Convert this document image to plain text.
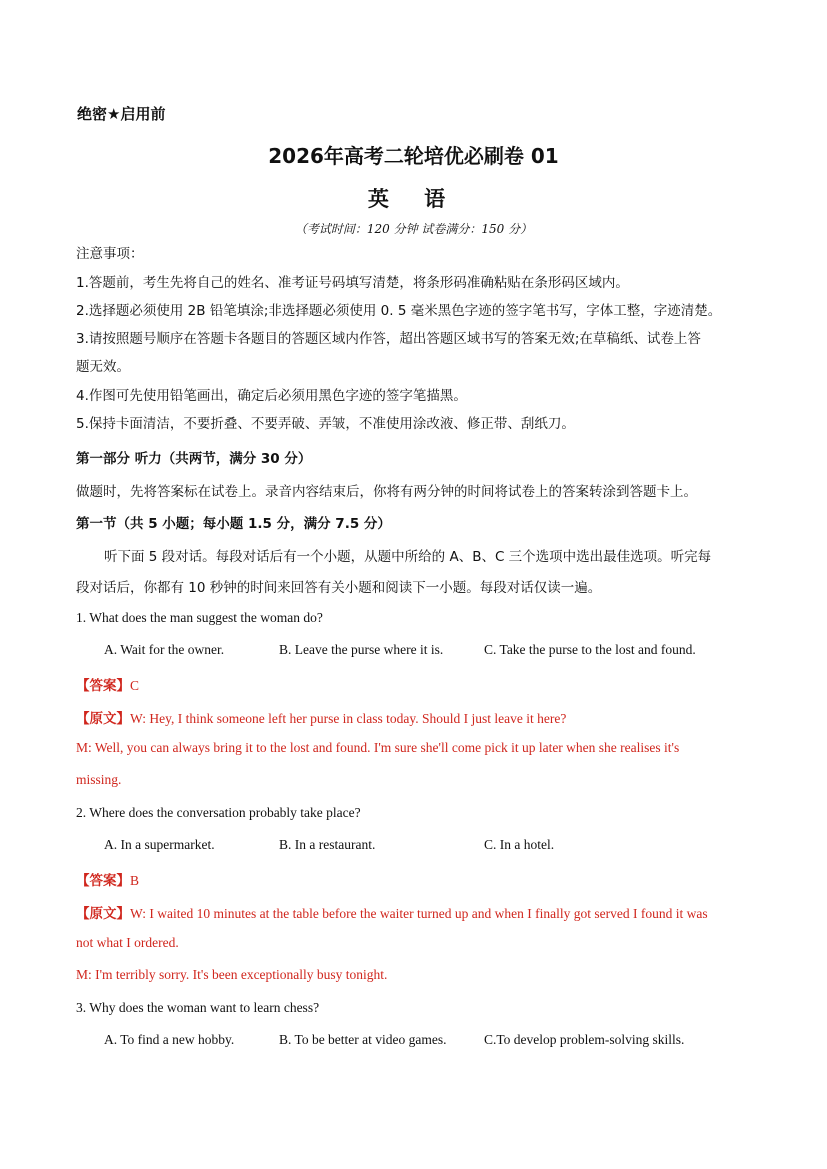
绝密★启用前
2026年高考二轮培优必刷卷 01
英 语
（考试时间：120 分钟 试卷满分：150 分）
注意事项：
1.答题前，考生先将自己的姓名、准考证号码填写清楚，将条形码准确粘贴在条形码区域内。
2.选择题必须使用 2B 铅笔填涂;非选择题必须使用 0. 5 毫米黑色字迹的签字笔书写，字体工整，字迹清楚。
3.请按照题号顺序在答题卡各题目的答题区域内作答，超出答题区域书写的答案无效;在草稿纸、试卷上答
题无效。
4.作图可先使用铅笔画出，确定后必须用黑色字迹的签字笔描黑。
5.保持卡面清洁，不要折叠、不要弄破、弄皱，不准使用涂改液、修正带、刮纸刀。
第一部分 听力（共两节，满分 30 分）
做题时，先将答案标在试卷上。录音内容结束后，你将有两分钟的时间将试卷上的答案转涂到答题卡上。
第一节（共 5 小题；每小题 1.5 分，满分 7.5 分）
听下面 5 段对话。每段对话后有一个小题，从题中所给的 A、B、C 三个选项中选出最佳选项。听完每
段对话后，你都有 10 秒钟的时间来回答有关小题和阅读下一小题。每段对话仅读一遍。
1. What does the man suggest the woman do?
A. Wait for the owner.	B. Leave the purse where it is.	C. Take the purse to the lost and found.
【答案】C
【原文】W: Hey, I think someone left her purse in class today. Should I just leave it here?
M: Well, you can always bring it to the lost and found. I'm sure she'll come pick it up later when she realises it's
missing.
2. Where does the conversation probably take place?
A. In a supermarket.	B. In a restaurant.	C. In a hotel.
【答案】B
【原文】W: I waited 10 minutes at the table before the waiter turned up and when I finally got served I found it was
not what I ordered.
M: I'm terribly sorry. It's been exceptionally busy tonight.
3. Why does the woman want to learn chess?
A. To find a new hobby.	B. To be better at video games.	C.To develop problem-solving skills.
